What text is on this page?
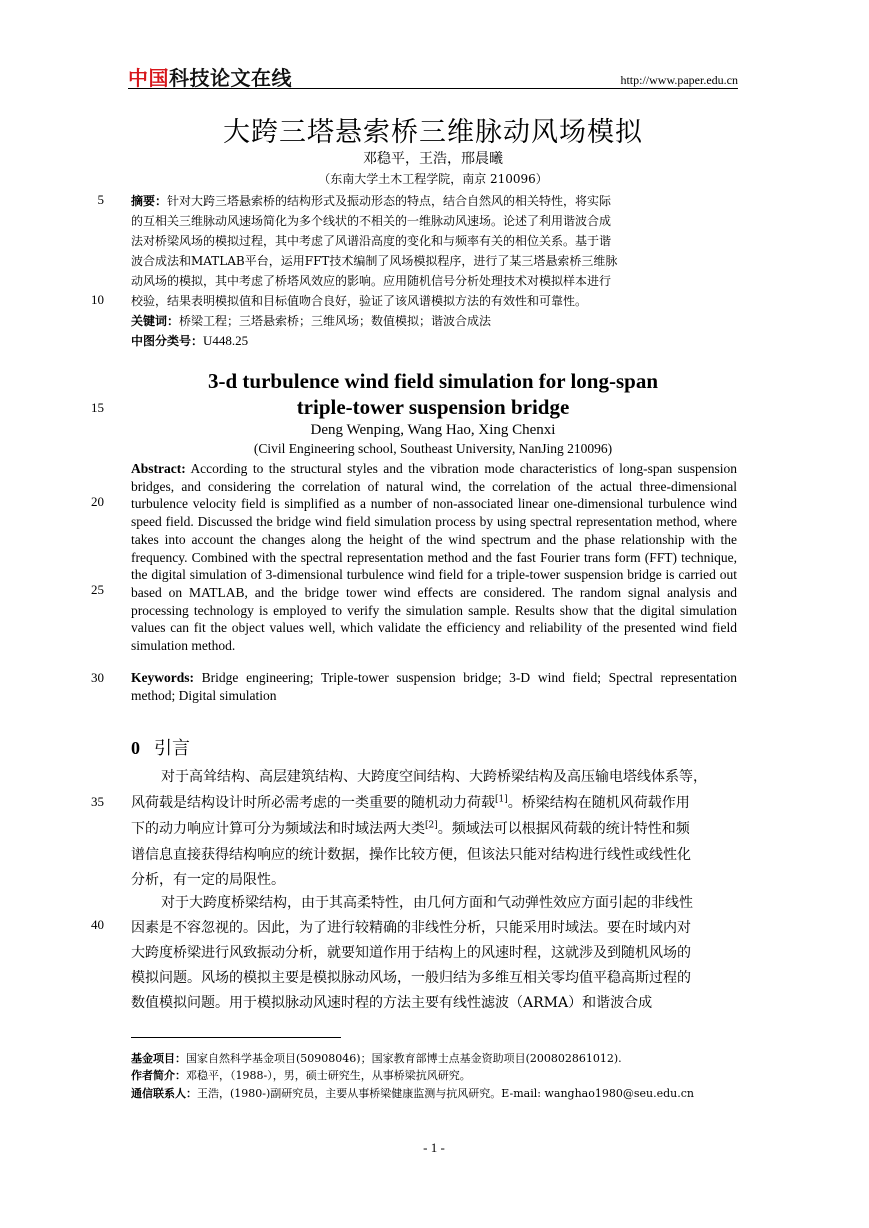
中国科技论文在线	http://www.paper.edu.cn
大跨三塔悬索桥三维脉动风场模拟
邓稳平，王浩，邢晨曦
（东南大学土木工程学院，南京 210096）
5
10
15
20
25
30
35
40
摘要：针对大跨三塔悬索桥的结构形式及振动形态的特点，结合自然风的相关特性，将实际
的互相关三维脉动风速场简化为多个线状的不相关的一维脉动风速场。论述了利用谐波合成
法对桥梁风场的模拟过程，其中考虑了风谱沿高度的变化和与频率有关的相位关系。基于谐
波合成法和MATLAB平台，运用FFT技术编制了风场模拟程序，进行了某三塔悬索桥三维脉
动风场的模拟，其中考虑了桥塔风效应的影响。应用随机信号分析处理技术对模拟样本进行
校验，结果表明模拟值和目标值吻合良好，验证了该风谱模拟方法的有效性和可靠性。
关键词：桥梁工程；三塔悬索桥；三维风场；数值模拟；谐波合成法
中图分类号：U448.25
3-d turbulence wind field simulation for long-span
triple-tower suspension bridge
Deng Wenping, Wang Hao, Xing Chenxi
(Civil Engineering school, Southeast University, NanJing 210096)
Abstract: According to the structural styles and the vibration mode characteristics of long-span suspension bridges, and considering the correlation of natural wind, the correlation of the actual three-dimensional turbulence velocity field is simplified as a number of non-associated linear one-dimensional turbulence wind speed field. Discussed the bridge wind field simulation process by using spectral representation method, where takes into account the changes along the height of the wind spectrum and the phase relationship with the frequency. Combined with the spectral representation method and the fast Fourier trans form (FFT) technique, the digital simulation of 3-dimensional turbulence wind field for a triple-tower suspension bridge is carried out based on MATLAB, and the bridge tower wind effects are considered. The random signal analysis and processing technology is employed to verify the simulation sample. Results show that the digital simulation values can fit the object values well, which validate the efficiency and reliability of the presented wind field simulation method.
Keywords: Bridge engineering; Triple-tower suspension bridge; 3-D wind field; Spectral representation method; Digital simulation
0 引言
对于高耸结构、高层建筑结构、大跨度空间结构、大跨桥梁结构及高压输电塔线体系等，
风荷载是结构设计时所必需考虑的一类重要的随机动力荷载[1]。桥梁结构在随机风荷载作用
下的动力响应计算可分为频域法和时域法两大类[2]。频域法可以根据风荷载的统计特性和频
谱信息直接获得结构响应的统计数据，操作比较方便，但该法只能对结构进行线性或线性化
分析，有一定的局限性。
对于大跨度桥梁结构，由于其高柔特性，由几何方面和气动弹性效应方面引起的非线性
因素是不容忽视的。因此，为了进行较精确的非线性分析，只能采用时域法。要在时域内对
大跨度桥梁进行风致振动分析，就要知道作用于结构上的风速时程，这就涉及到随机风场的
模拟问题。风场的模拟主要是模拟脉动风场，一般归结为多维互相关零均值平稳高斯过程的
数值模拟问题。用于模拟脉动风速时程的方法主要有线性滤波（ARMA）和谐波合成
基金项目：国家自然科学基金项目(50908046)；国家教育部博士点基金资助项目(200802861012).
作者简介：邓稳平，（1988-），男，硕士研究生，从事桥梁抗风研究。
通信联系人：王浩，(1980-)副研究员，主要从事桥梁健康监测与抗风研究。E-mail: wanghao1980@seu.edu.cn
- 1 -
